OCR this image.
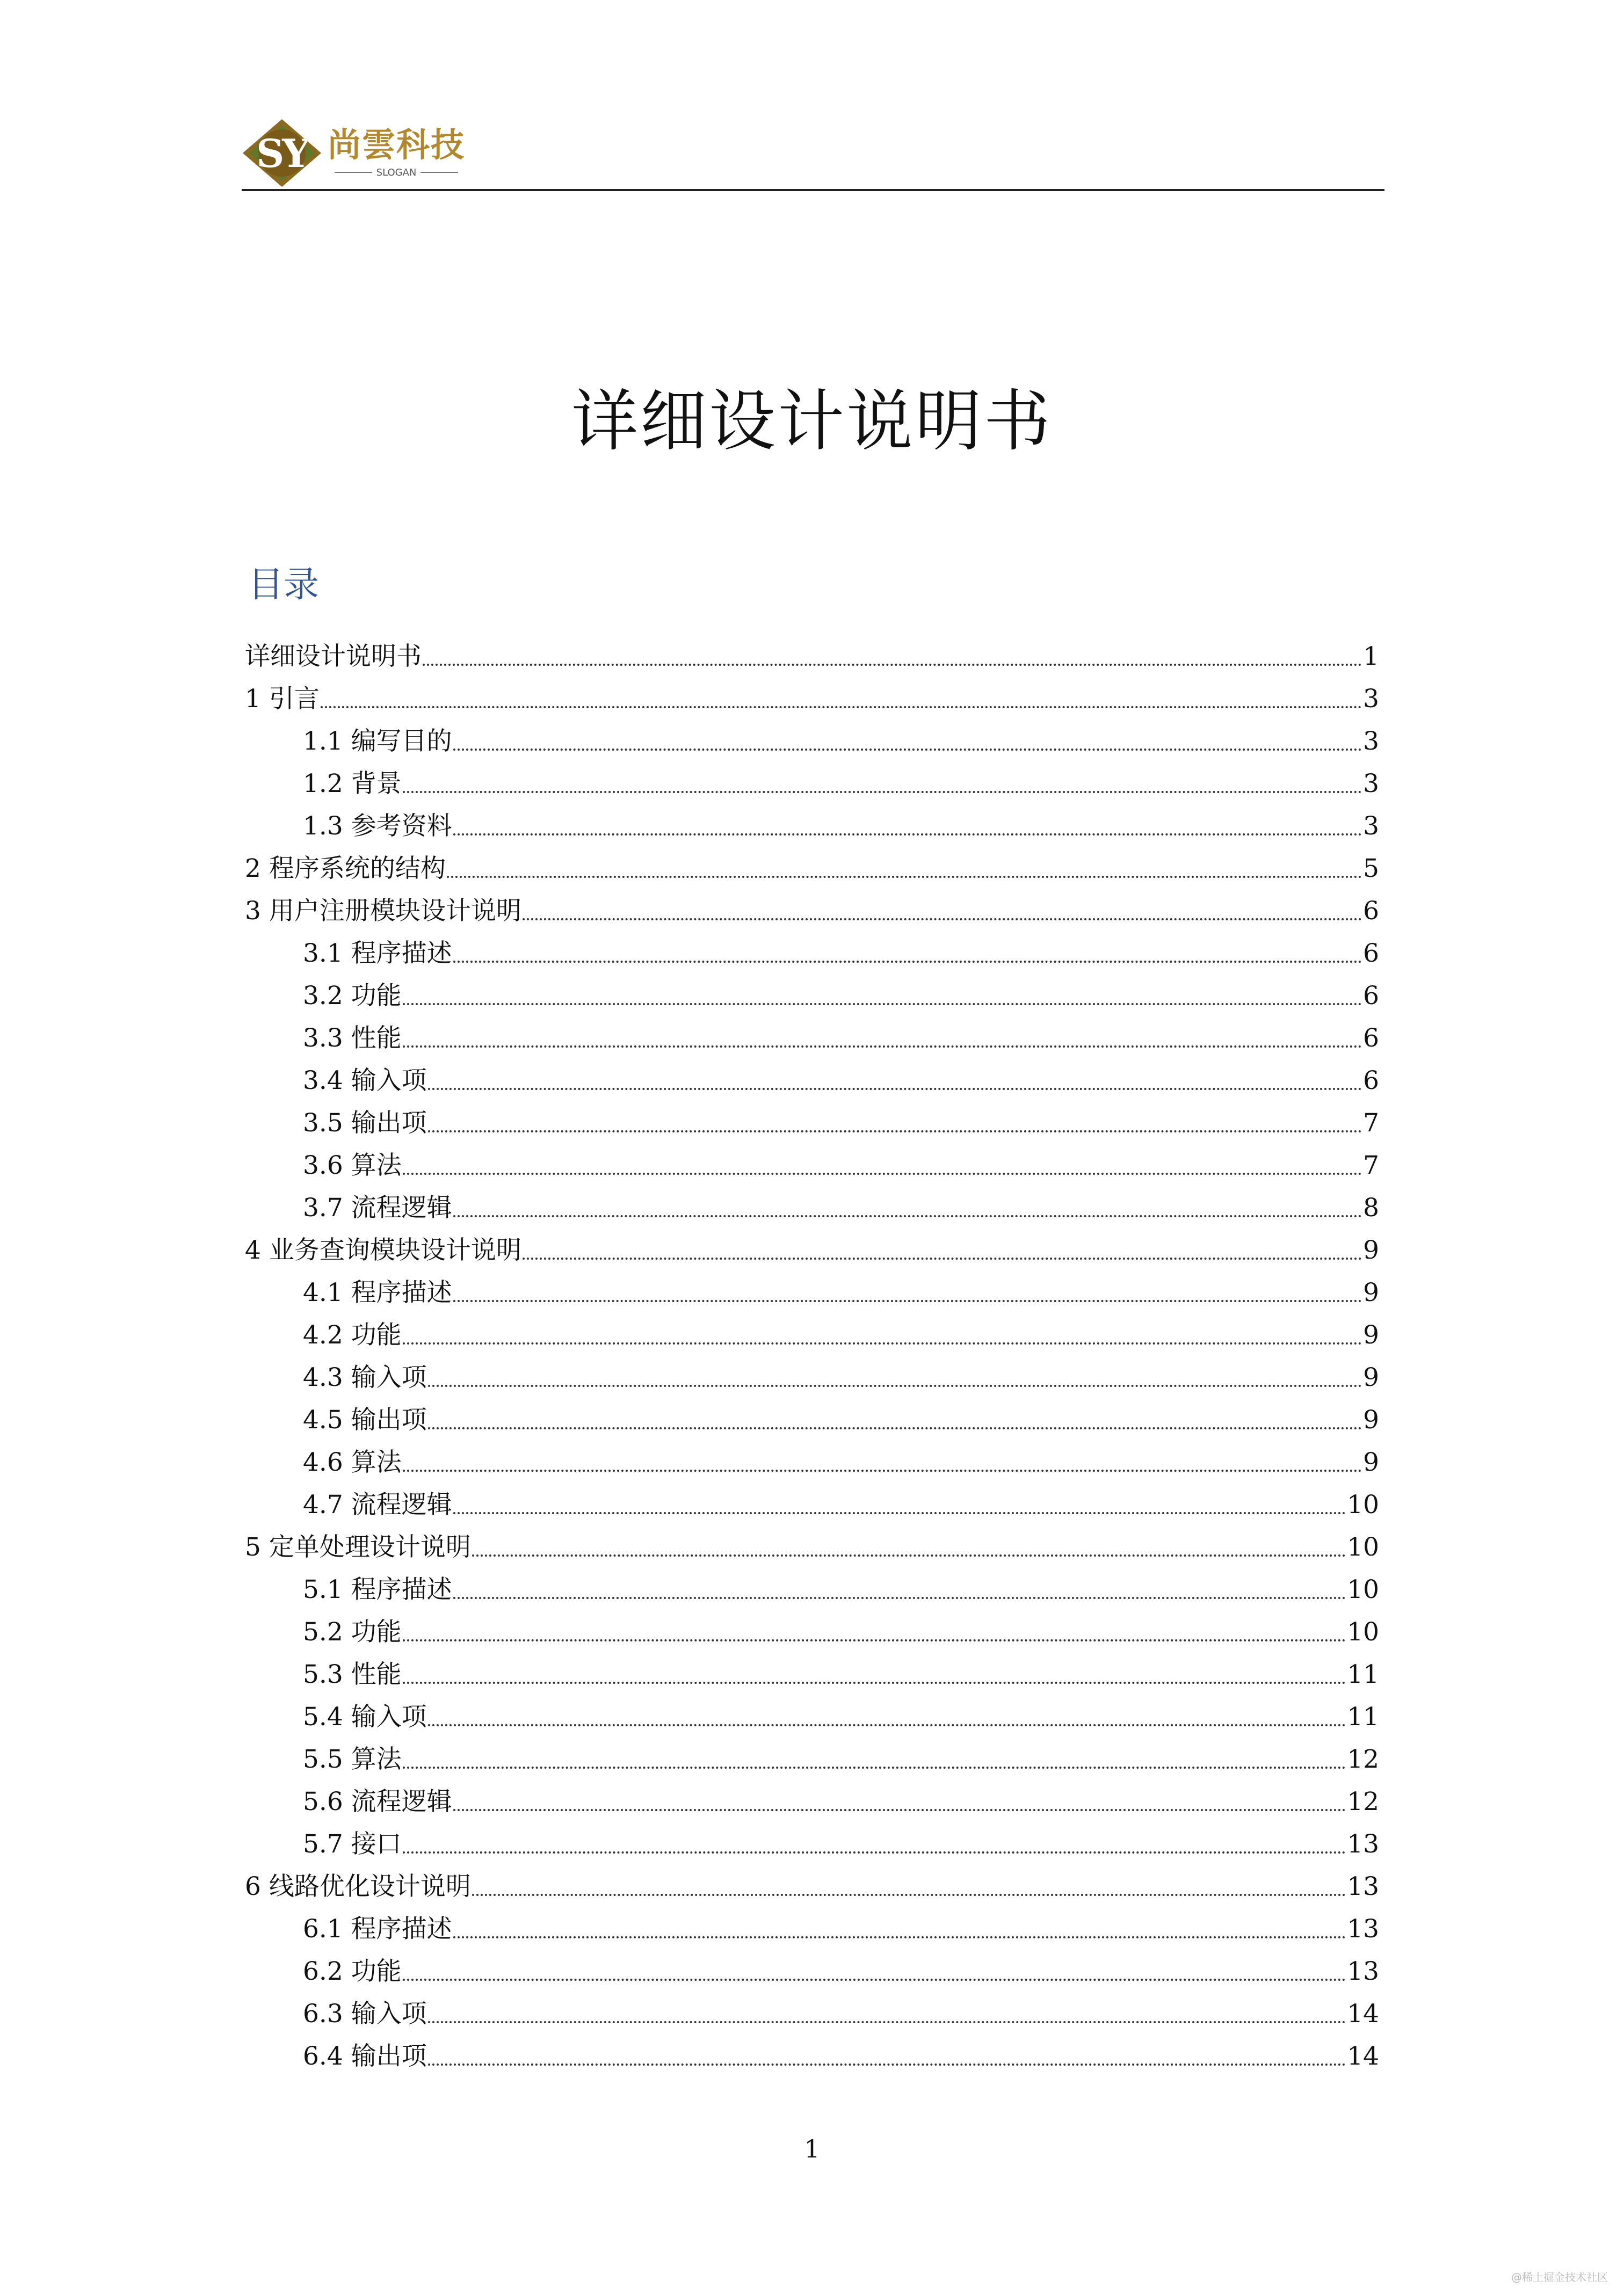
SY 尚雲科技
SLOGAN
详细设计说明书
目录
详细设计说明书	1
1 引言	3
1.1 编写目的	3
1.2 背景	3
1.3 参考资料	3
2 程序系统的结构	5
3 用户注册模块设计说明	6
3.1 程序描述	6
3.2 功能	6
3.3 性能	6
3.4 输入项	6
3.5 输出项	7
3.6 算法	7
3.7 流程逻辑	8
4 业务查询模块设计说明	9
4.1 程序描述	9
4.2 功能	9
4.3 输入项	9
4.5 输出项	9
4.6 算法	9
4.7 流程逻辑	10
5 定单处理设计说明	10
5.1 程序描述	10
5.2 功能	10
5.3 性能	11
5.4 输入项	11
5.5 算法	12
5.6 流程逻辑	12
5.7 接口	13
6 线路优化设计说明	13
6.1 程序描述	13
6.2 功能	13
6.3 输入项	14
6.4 输出项	14
1
@稀土掘金技术社区
